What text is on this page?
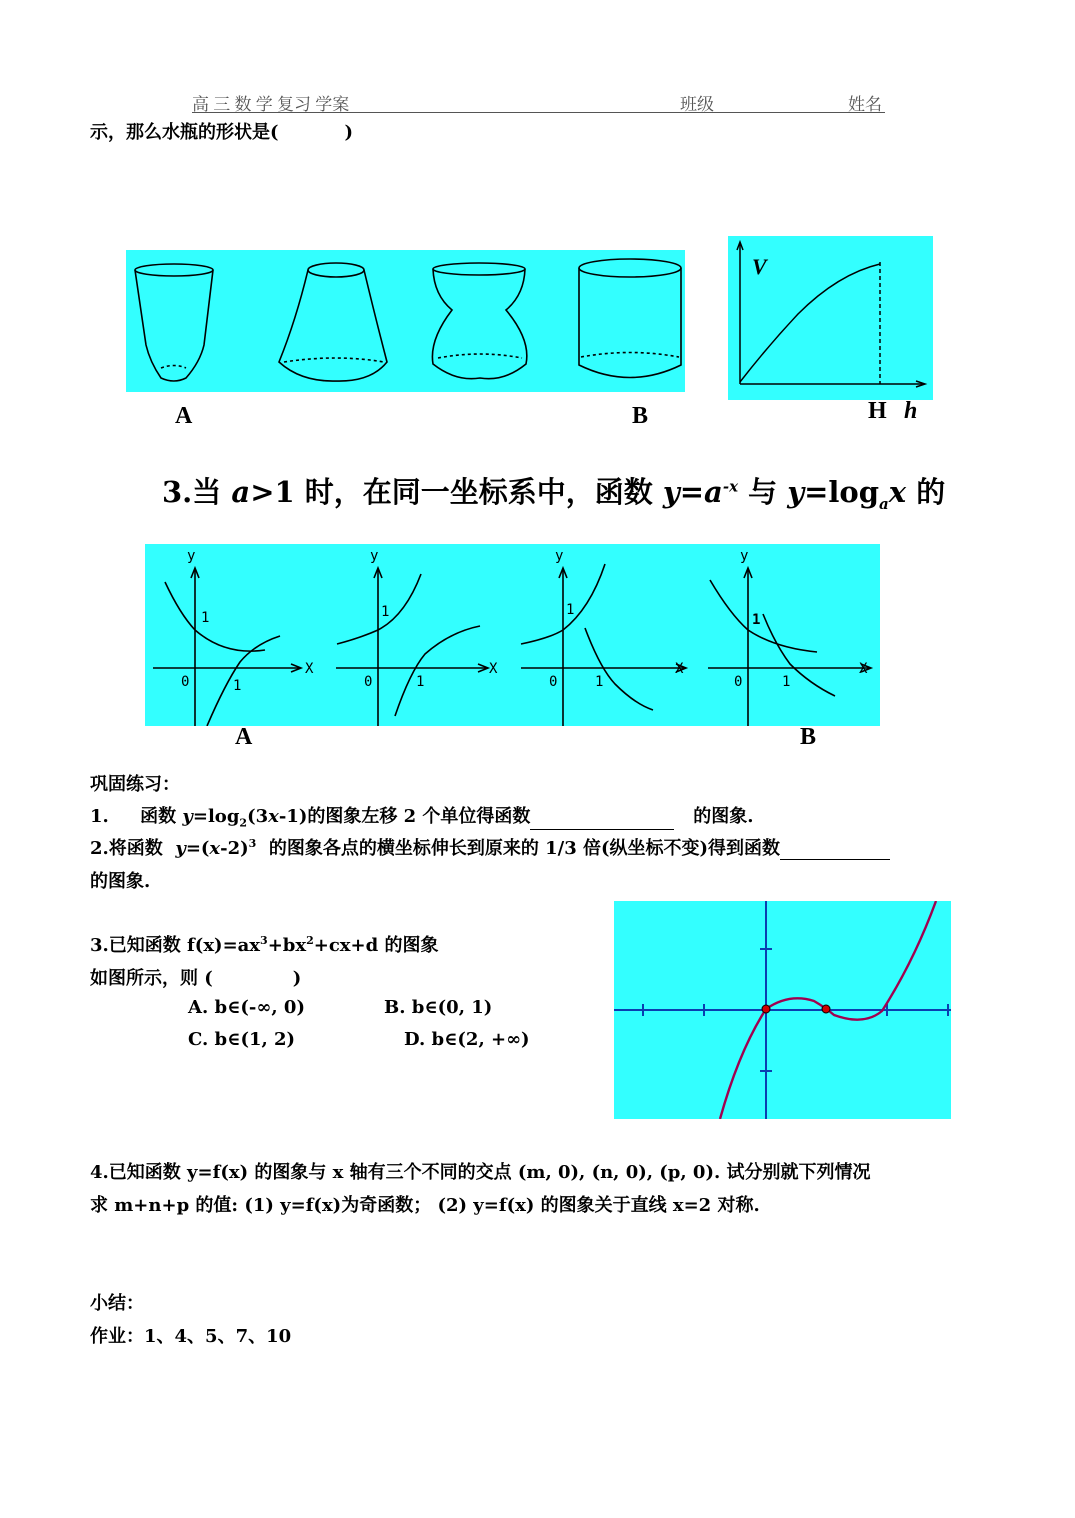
高 三 数 学 复习 学案	班级	姓名
示，那么水瓶的形状是(	)
V
A	B	H h
3.当 a>1 时，在同一坐标系中，函数 $y=a^{-x}$ 与 $y=\log_ax$ 的
y
X
0	1
1
y
X
0	1
1
y
X
0	1
1
y
X
0	1
1
A	B
巩固练习：
1. 函数 $y=\log_2(3x-1)$的图象左移 2 个单位得函数	的图象.
2.将函数 $y=(x-2)^3$ 的图象各点的横坐标伸长到原来的 1/3 倍(纵坐标不变)得到函数
的图象.
3.已知函数 $f(x)=ax^3+bx^2+cx+d$ 的图象
如图所示，则 (	)
A. b∈(-∞, 0)	B. b∈(0, 1)
C. b∈(1, 2)	D. b∈(2, +∞)
4.已知函数 y=f(x) 的图象与 x 轴有三个不同的交点 (m, 0), (n, 0), (p, 0). 试分别就下列情况
求 m+n+p 的值: (1) y=f(x)为奇函数； (2) y=f(x) 的图象关于直线 x=2 对称.
小结：
作业：1、4、5、7、10
